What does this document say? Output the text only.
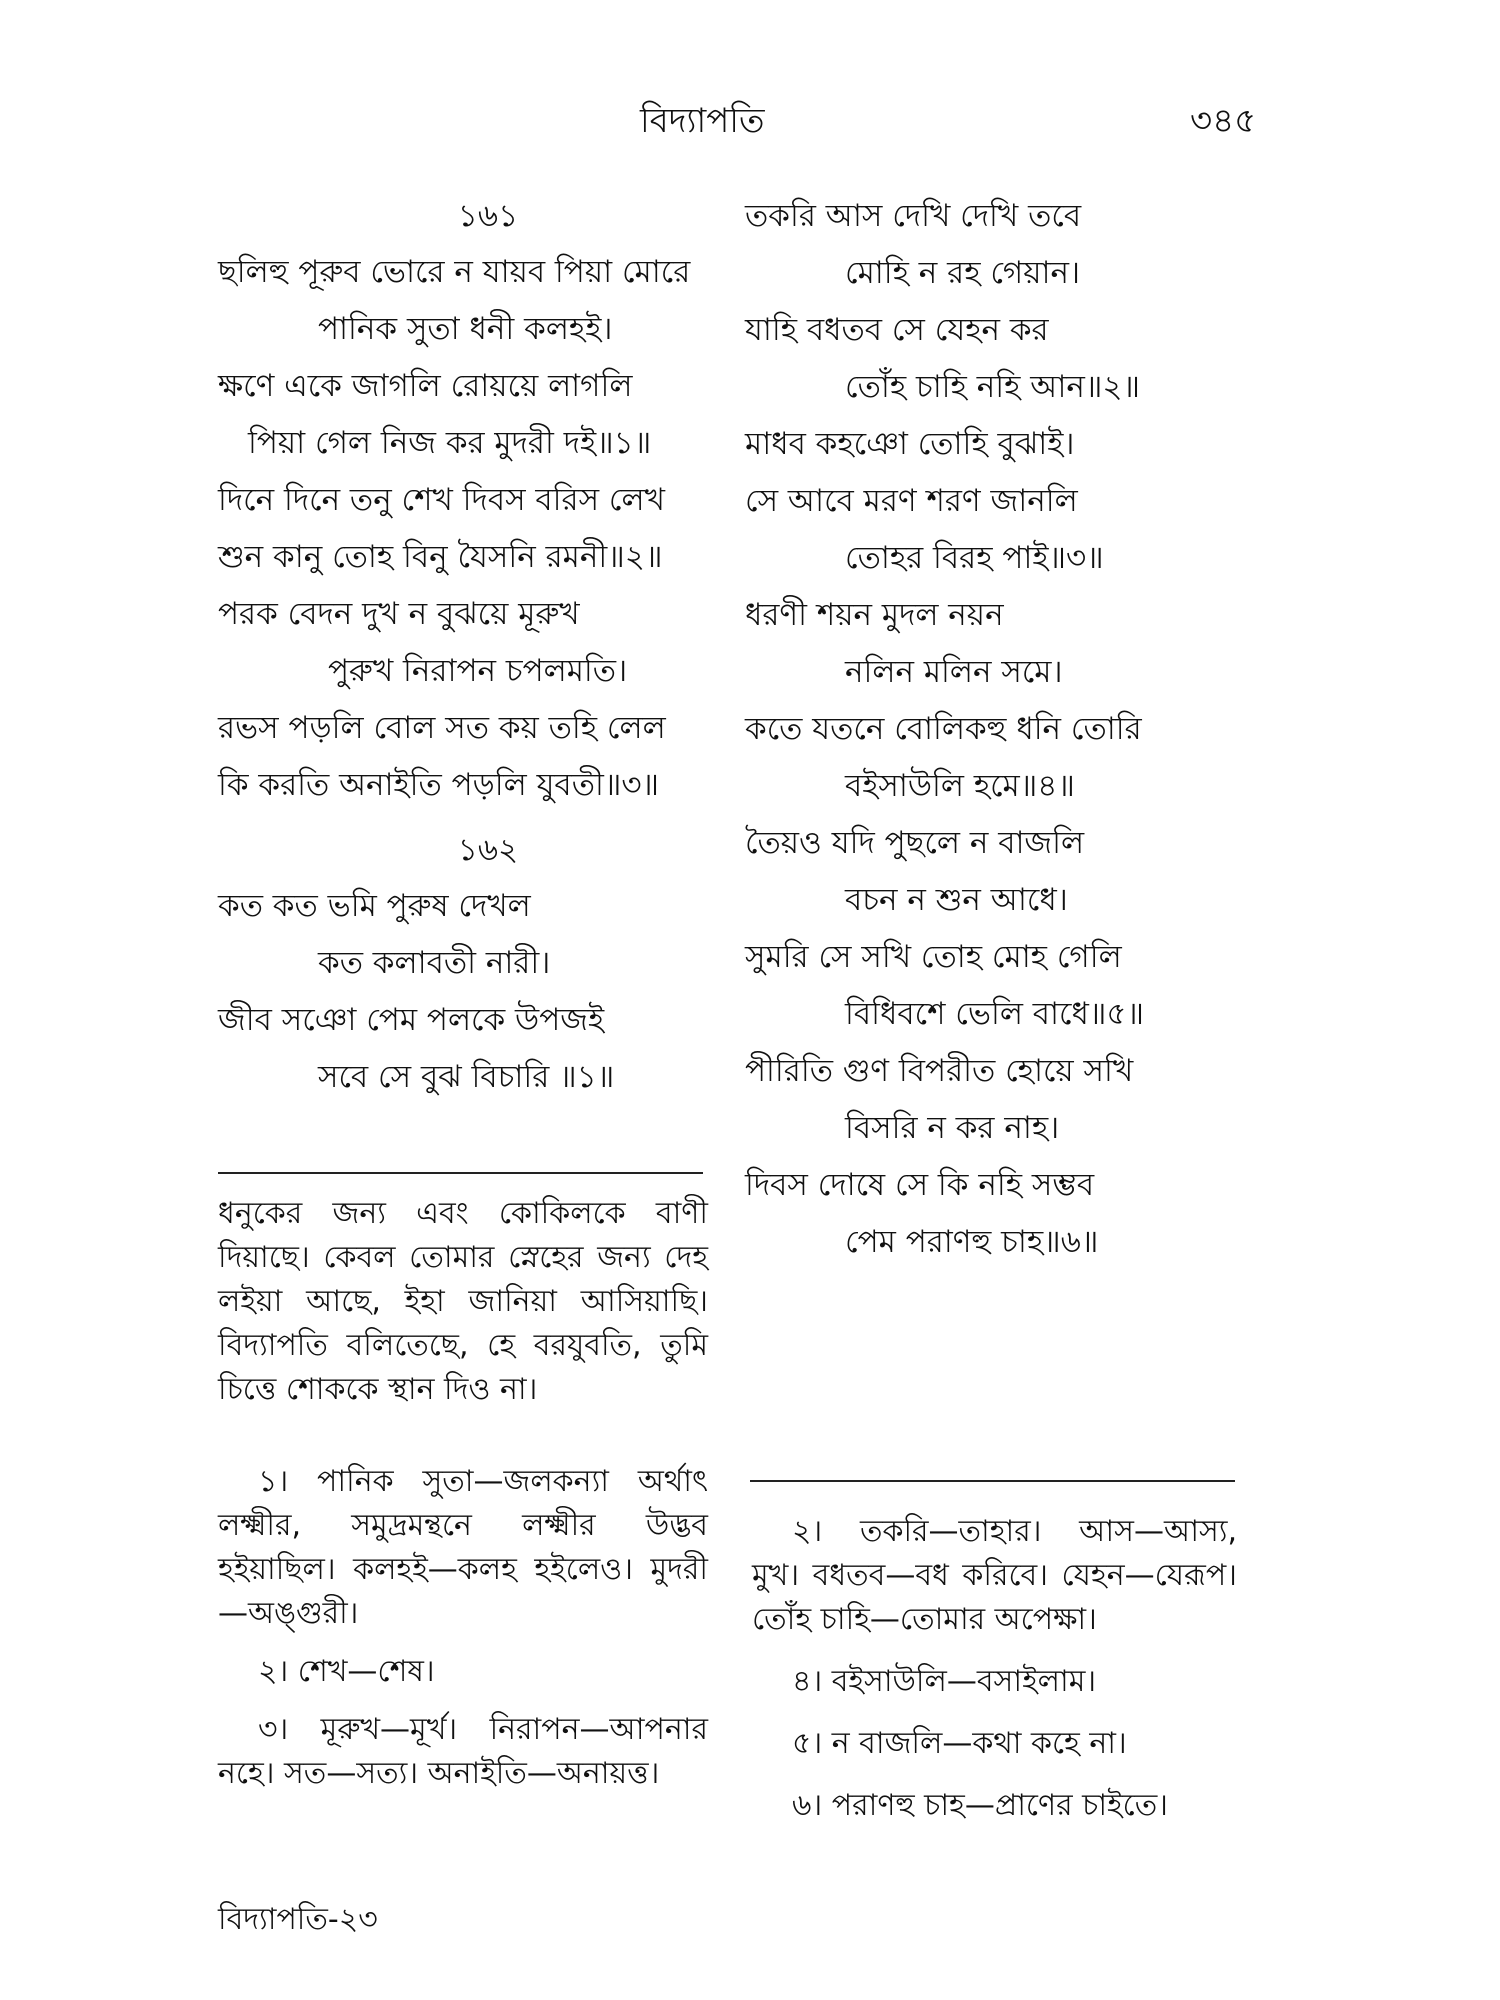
বিদ্যাপতি	৩৪৫
১৬১
ছলিহু পূরুব ভোরে ন যায়ব পিয়া মোরে
পানিক সুতা ধনী কলহই।
ক্ষণে একে জাগলি রোয়য়ে লাগলি
পিয়া গেল নিজ কর মুদরী দই॥১॥
দিনে দিনে তনু শেখ দিবস বরিস লেখ
শুন কানু তোহ বিনু যৈসনি রমনী॥২॥
পরক বেদন দুখ ন বুঝয়ে মূরুখ
পুরুখ নিরাপন চপলমতি।
রভস পড়লি বোল সত কয় তহি লেল
কি করতি অনাইতি পড়লি যুবতী॥৩॥
১৬২
কত কত ভমি পুরুষ দেখল
কত কলাবতী নারী।
জীব সঞো পেম পলকে উপজই
সবে সে বুঝ বিচারি ॥১॥
তকরি আস দেখি দেখি তবে
মোহি ন রহ গেয়ান।
যাহি বধতব সে যেহন কর
তোঁহ চাহি নহি আন॥২॥
মাধব কহঞো তোহি বুঝাই।
সে আবে মরণ শরণ জানলি
তোহর বিরহ পাই॥৩॥
ধরণী শয়ন মুদল নয়ন
নলিন মলিন সমে।
কতে যতনে বোলিকহু ধনি তোরি
বইসাউলি হমে॥৪॥
তৈয়ও যদি পুছলে ন বাজলি
বচন ন শুন আধে।
সুমরি সে সখি তোহ মোহ গেলি
বিধিবশে ভেলি বাধে॥৫॥
পীরিতি গুণ বিপরীত হোয়ে সখি
বিসরি ন কর নাহ।
দিবস দোষে সে কি নহি সম্ভব
পেম পরাণহু চাহ॥৬॥

ধনুকের জন্য এবং কোকিলকে বাণী দিয়াছে। কেবল তোমার স্নেহের জন্য দেহ লইয়া আছে, ইহা জানিয়া আসিয়াছি। বিদ্যাপতি বলিতেছে, হে বরযুবতি, তুমি চিত্তে শোককে স্থান দিও না।

১। পানিক সুতা—জলকন্যা অর্থাৎ লক্ষ্মীর, সমুদ্রমন্থনে লক্ষ্মীর উদ্ভব হইয়াছিল। কলহই—কলহ হইলেও। মুদরী—অঙ্গুরী।

২। শেখ—শেষ।

৩। মূরুখ—মূর্খ। নিরাপন—আপনার নহে। সত—সত্য। অনাইতি—অনায়ত্ত।

২। তকরি—তাহার। আস—আস্য, মুখ। বধতব—বধ করিবে। যেহন—যেরূপ। তোঁহ চাহি—তোমার অপেক্ষা।

৪। বইসাউলি—বসাইলাম।

৫। ন বাজলি—কথা কহে না।

৬। পরাণহু চাহ—প্রাণের চাইতে।

বিদ্যাপতি-২৩
